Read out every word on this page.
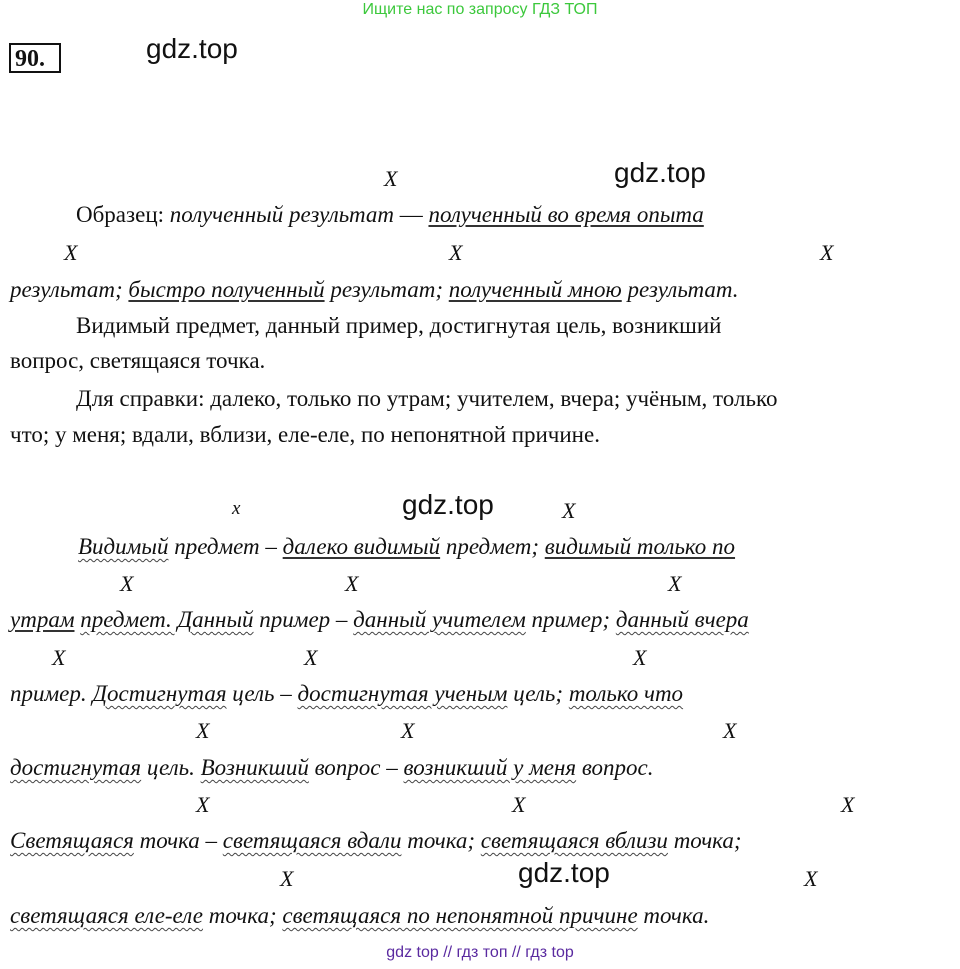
Ищите нас по запросу ГДЗ ТОП
90.	gdz.top
X	gdz.top
Образец: полученный результат — полученный во время опыта
X	X	X
результат; быстро полученный результат; полученный мною результат.
Видимый предмет, данный пример, достигнутая цель, возникший
вопрос, светящаяся точка.
Для справки: далеко, только по утрам; учителем, вчера; учёным, только
что; у меня; вдали, вблизи, еле-еле, по непонятной причине.
x	gdz.top	X
Видимый предмет – далеко видимый предмет; видимый только по
X	X	X
утрам предмет. Данный пример – данный учителем пример; данный вчера
X	X	X
пример. Достигнутая цель – достигнутая ученым цель; только что
X	X	X
достигнутая цель. Возникший вопрос – возникший у меня вопрос.
X	X	X
Светящаяся точка – светящаяся вдали точка; светящаяся вблизи точка;
X	gdz.top	X
светящаяся еле-еле точка; светящаяся по непонятной причине точка.
gdz top // гдз топ // гдз top
